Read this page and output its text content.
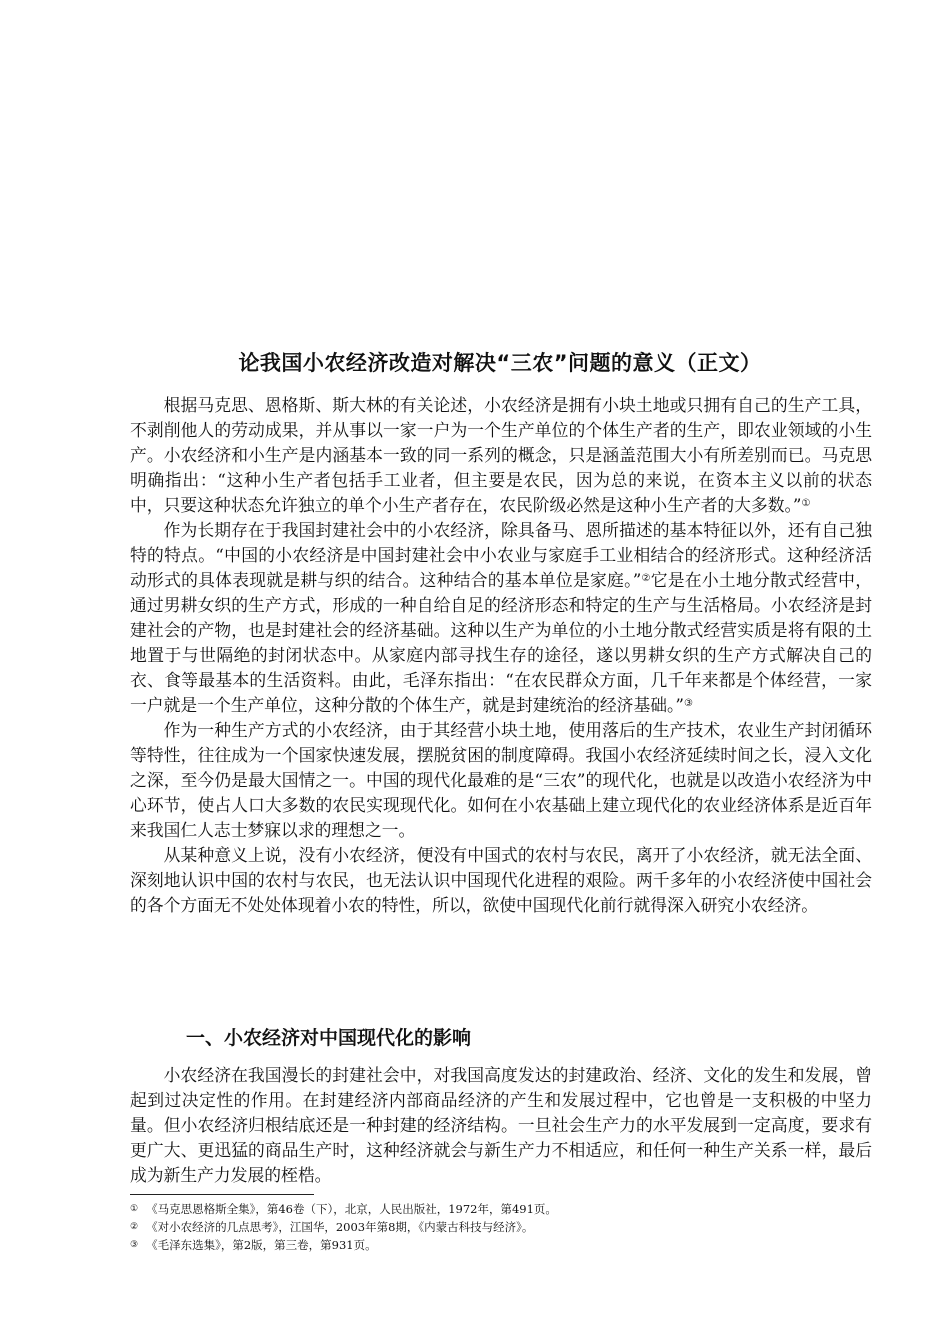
论我国小农经济改造对解决“三农”问题的意义（正文）

根据马克思、恩格斯、斯大林的有关论述，小农经济是拥有小块土地或只拥有自己的生产工具，不剥削他人的劳动成果，并从事以一家一户为一个生产单位的个体生产者的生产，即农业领域的小生产。小农经济和小生产是内涵基本一致的同一系列的概念，只是涵盖范围大小有所差别而已。马克思明确指出：“这种小生产者包括手工业者，但主要是农民，因为总的来说，在资本主义以前的状态中，只要这种状态允许独立的单个小生产者存在，农民阶级必然是这种小生产者的大多数。”①

作为长期存在于我国封建社会中的小农经济，除具备马、恩所描述的基本特征以外，还有自己独特的特点。“中国的小农经济是中国封建社会中小农业与家庭手工业相结合的经济形式。这种经济活动形式的具体表现就是耕与织的结合。这种结合的基本单位是家庭。”②它是在小土地分散式经营中，通过男耕女织的生产方式，形成的一种自给自足的经济形态和特定的生产与生活格局。小农经济是封建社会的产物，也是封建社会的经济基础。这种以生产为单位的小土地分散式经营实质是将有限的土地置于与世隔绝的封闭状态中。从家庭内部寻找生存的途径，遂以男耕女织的生产方式解决自己的衣、食等最基本的生活资料。由此，毛泽东指出：“在农民群众方面，几千年来都是个体经营，一家一户就是一个生产单位，这种分散的个体生产，就是封建统治的经济基础。”③

作为一种生产方式的小农经济，由于其经营小块土地，使用落后的生产技术，农业生产封闭循环等特性，往往成为一个国家快速发展，摆脱贫困的制度障碍。我国小农经济延续时间之长，浸入文化之深，至今仍是最大国情之一。中国的现代化最难的是“三农”的现代化，也就是以改造小农经济为中心环节，使占人口大多数的农民实现现代化。如何在小农基础上建立现代化的农业经济体系是近百年来我国仁人志士梦寐以求的理想之一。

从某种意义上说，没有小农经济，便没有中国式的农村与农民，离开了小农经济，就无法全面、深刻地认识中国的农村与农民，也无法认识中国现代化进程的艰险。两千多年的小农经济使中国社会的各个方面无不处处体现着小农的特性，所以，欲使中国现代化前行就得深入研究小农经济。

一、小农经济对中国现代化的影响

小农经济在我国漫长的封建社会中，对我国高度发达的封建政治、经济、文化的发生和发展，曾起到过决定性的作用。在封建经济内部商品经济的产生和发展过程中，它也曾是一支积极的中坚力量。但小农经济归根结底还是一种封建的经济结构。一旦社会生产力的水平发展到一定高度，要求有更广大、更迅猛的商品生产时，这种经济就会与新生产力不相适应，和任何一种生产关系一样，最后成为新生产力发展的桎梏。

① 《马克思恩格斯全集》，第46卷（下），北京，人民出版社，1972年，第491页。
② 《对小农经济的几点思考》，江国华，2003年第8期，《内蒙古科技与经济》。
③ 《毛泽东选集》，第2版，第三卷，第931页。
